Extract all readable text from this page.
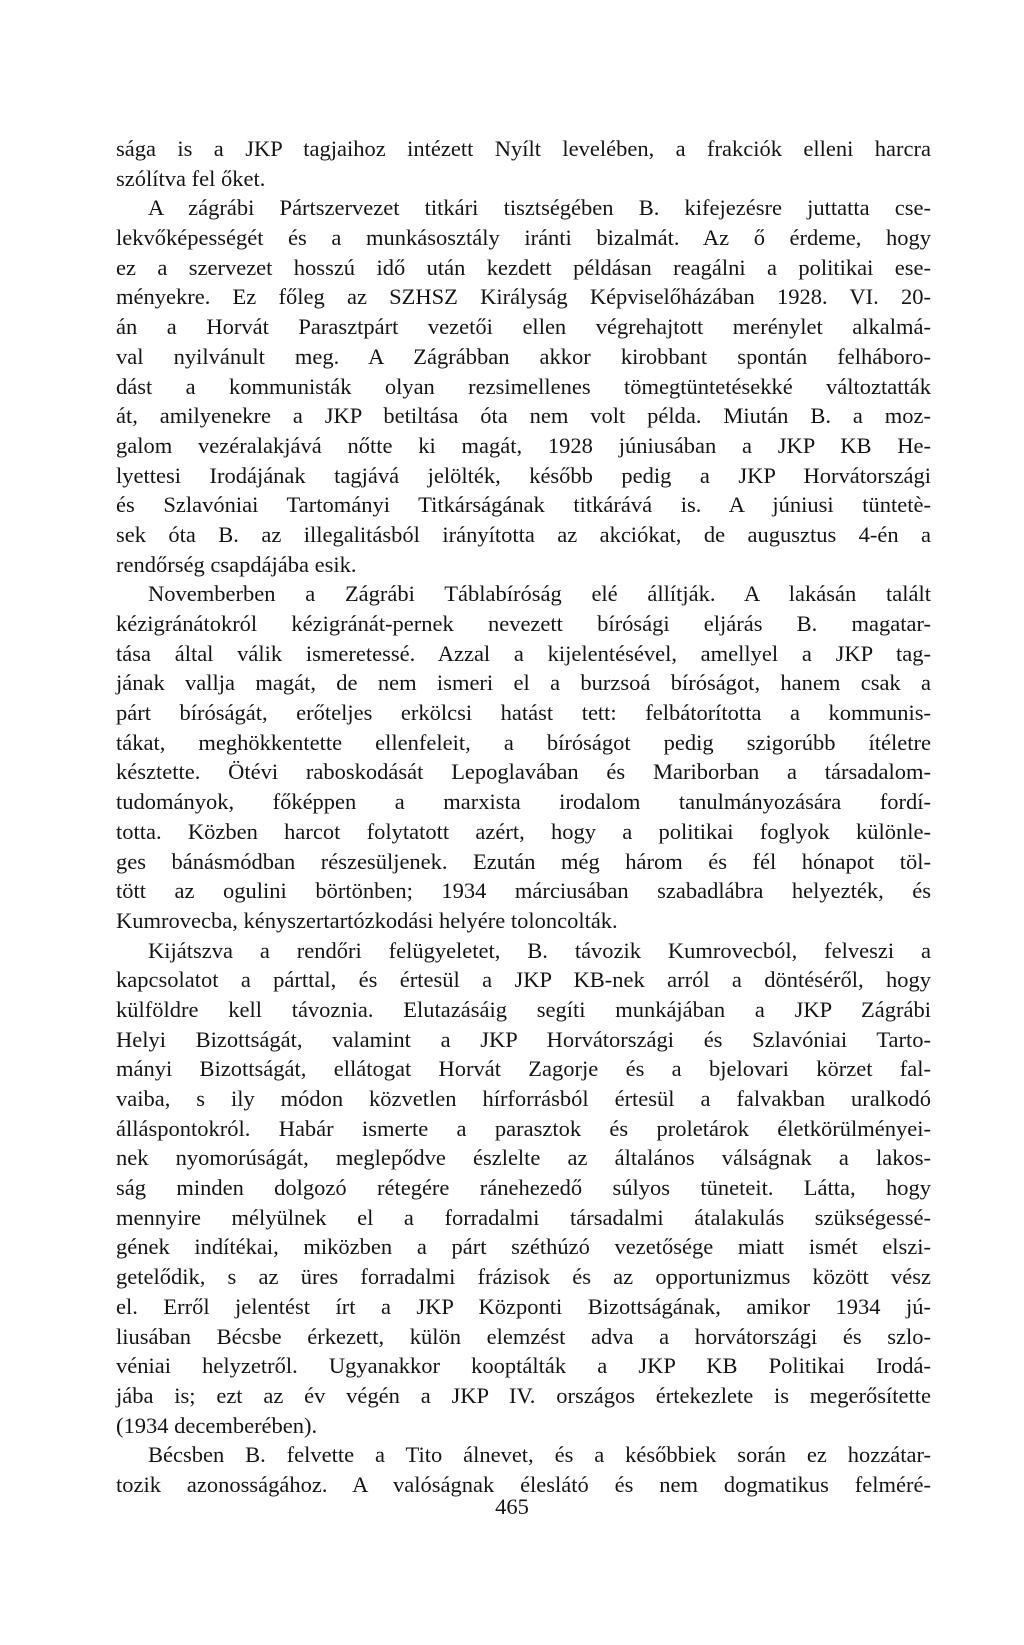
sága is a JKP tagjaihoz intézett Nyílt levelében, a frakciók elleni harcra
szólítva fel őket.
A zágrábi Pártszervezet titkári tisztségében B. kifejezésre juttatta cse-
lekvőképességét és a munkásosztály iránti bizalmát. Az ő érdeme, hogy
ez a szervezet hosszú idő után kezdett példásan reagálni a politikai ese-
ményekre. Ez főleg az SZHSZ Királyság Képviselőházában 1928. VI. 20-
án a Horvát Parasztpárt vezetői ellen végrehajtott merénylet alkalmá-
val nyilvánult meg. A Zágrábban akkor kirobbant spontán felháboro-
dást a kommunisták olyan rezsimellenes tömegtüntetésekké változtatták
át, amilyenekre a JKP betiltása óta nem volt példa. Miután B. a moz-
galom vezéralakjává nőtte ki magát, 1928 júniusában a JKP KB He-
lyettesi Irodájának tagjává jelölték, később pedig a JKP Horvátországi
és Szlavóniai Tartományi Titkárságának titkárává is. A júniusi tüntetè-
sek óta B. az illegalitásból irányította az akciókat, de augusztus 4-én a
rendőrség csapdájába esik.
Novemberben a Zágrábi Táblabíróság elé állítják. A lakásán talált
kézigránátokról kézigránát-pernek nevezett bírósági eljárás B. magatar-
tása által válik ismeretessé. Azzal a kijelentésével, amellyel a JKP tag-
jának vallja magát, de nem ismeri el a burzsoá bíróságot, hanem csak a
párt bíróságát, erőteljes erkölcsi hatást tett: felbátorította a kommunis-
tákat, meghökkentette ellenfeleit, a bíróságot pedig szigorúbb ítéletre
késztette. Ötévi raboskodását Lepoglavában és Mariborban a társadalom-
tudományok, főképpen a marxista irodalom tanulmányozására fordí-
totta. Közben harcot folytatott azért, hogy a politikai foglyok különle-
ges bánásmódban részesüljenek. Ezután még három és fél hónapot töl-
tött az ogulini börtönben; 1934 márciusában szabadlábra helyezték, és
Kumrovecba, kényszertartózkodási helyére toloncolták.
Kijátszva a rendőri felügyeletet, B. távozik Kumrovecból, felveszi a
kapcsolatot a párttal, és értesül a JKP KB-nek arról a döntéséről, hogy
külföldre kell távoznia. Elutazásáig segíti munkájában a JKP Zágrábi
Helyi Bizottságát, valamint a JKP Horvátországi és Szlavóniai Tarto-
mányi Bizottságát, ellátogat Horvát Zagorje és a bjelovari körzet fal-
vaiba, s ily módon közvetlen hírforrásból értesül a falvakban uralkodó
álláspontokról. Habár ismerte a parasztok és proletárok életkörülményei-
nek nyomorúságát, meglepődve észlelte az általános válságnak a lakos-
ság minden dolgozó rétegére ránehezedő súlyos tüneteit. Látta, hogy
mennyire mélyülnek el a forradalmi társadalmi átalakulás szükségessé-
gének indítékai, miközben a párt széthúzó vezetősége miatt ismét elszi-
getelődik, s az üres forradalmi frázisok és az opportunizmus között vész
el. Erről jelentést írt a JKP Központi Bizottságának, amikor 1934 jú-
liusában Bécsbe érkezett, külön elemzést adva a horvátországi és szlo-
véniai helyzetről. Ugyanakkor kooptálták a JKP KB Politikai Irodá-
jába is; ezt az év végén a JKP IV. országos értekezlete is megerősítette
(1934 decemberében).
Bécsben B. felvette a Tito álnevet, és a későbbiek során ez hozzátar-
tozik azonosságához. A valóságnak éleslátó és nem dogmatikus felméré-
465
